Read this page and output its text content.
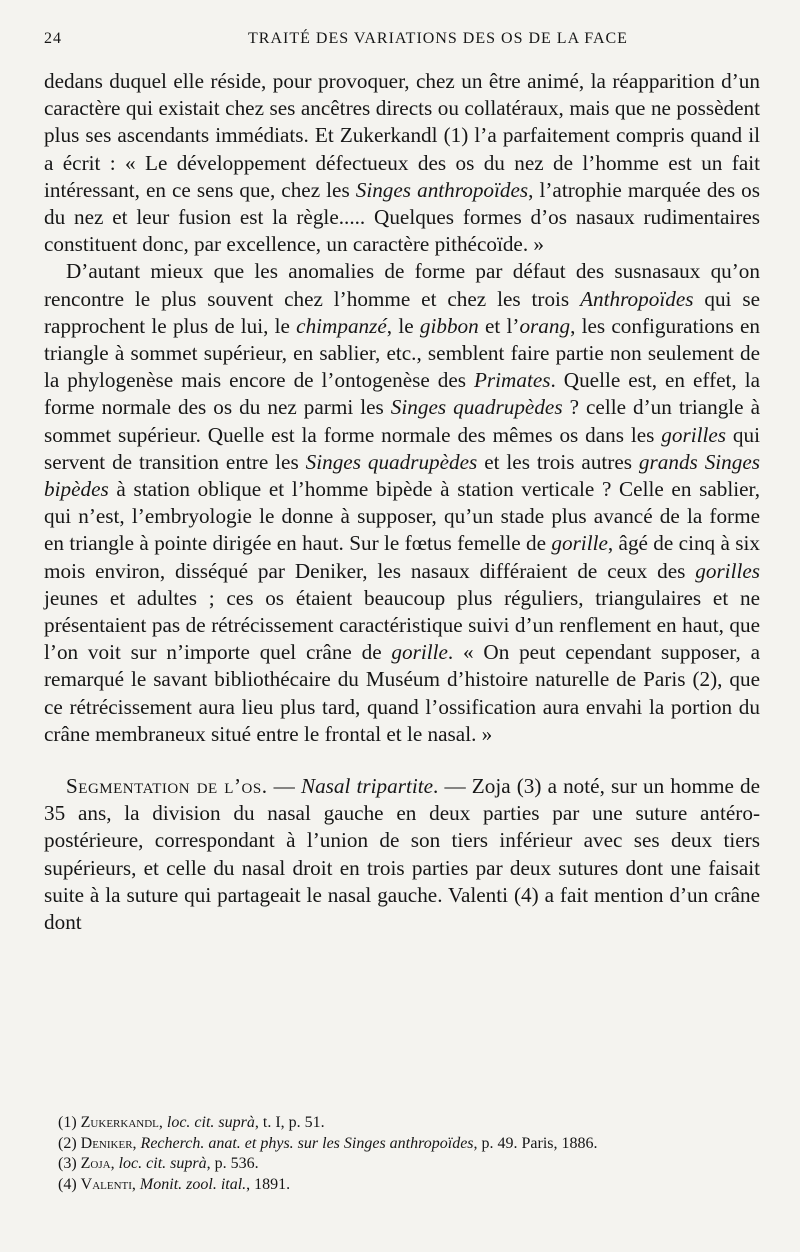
24	TRAITÉ DES VARIATIONS DES OS DE LA FACE

dedans duquel elle réside, pour provoquer, chez un être animé, la réapparition d’un caractère qui existait chez ses ancêtres directs ou collatéraux, mais que ne possèdent plus ses ascendants immédiats. Et Zukerkandl (1) l’a parfaitement compris quand il a écrit : « Le développement défectueux des os du nez de l’homme est un fait intéressant, en ce sens que, chez les Singes anthropoïdes, l’atrophie marquée des os du nez et leur fusion est la règle..... Quelques formes d’os nasaux rudimentaires constituent donc, par excellence, un caractère pithécoïde. »

D’autant mieux que les anomalies de forme par défaut des susnasaux qu’on rencontre le plus souvent chez l’homme et chez les trois Anthropoïdes qui se rapprochent le plus de lui, le chimpanzé, le gibbon et l’orang, les configurations en triangle à sommet supérieur, en sablier, etc., semblent faire partie non seulement de la phylogenèse mais encore de l’ontogenèse des Primates. Quelle est, en effet, la forme normale des os du nez parmi les Singes quadrupèdes ? celle d’un triangle à sommet supérieur. Quelle est la forme normale des mêmes os dans les gorilles qui servent de transition entre les Singes quadrupèdes et les trois autres grands Singes bipèdes à station oblique et l’homme bipède à station verticale ? Celle en sablier, qui n’est, l’embryologie le donne à supposer, qu’un stade plus avancé de la forme en triangle à pointe dirigée en haut. Sur le fœtus femelle de gorille, âgé de cinq à six mois environ, disséqué par Deniker, les nasaux différaient de ceux des gorilles jeunes et adultes ; ces os étaient beaucoup plus réguliers, triangulaires et ne présentaient pas de rétrécissement caractéristique suivi d’un renflement en haut, que l’on voit sur n’importe quel crâne de gorille. « On peut cependant supposer, a remarqué le savant bibliothécaire du Muséum d’histoire naturelle de Paris (2), que ce rétrécissement aura lieu plus tard, quand l’ossification aura envahi la portion du crâne membraneux situé entre le frontal et le nasal. »

Segmentation de l’os. — Nasal tripartite. — Zoja (3) a noté, sur un homme de 35 ans, la division du nasal gauche en deux parties par une suture antéro-postérieure, correspondant à l’union de son tiers inférieur avec ses deux tiers supérieurs, et celle du nasal droit en trois parties par deux sutures dont une faisait suite à la suture qui partageait le nasal gauche. Valenti (4) a fait mention d’un crâne dont

(1) Zukerkandl, loc. cit. suprà, t. I, p. 51.

(2) Deniker, Recherch. anat. et phys. sur les Singes anthropoïdes, p. 49. Paris, 1886.

(3) Zoja, loc. cit. suprà, p. 536.

(4) Valenti, Monit. zool. ital., 1891.
